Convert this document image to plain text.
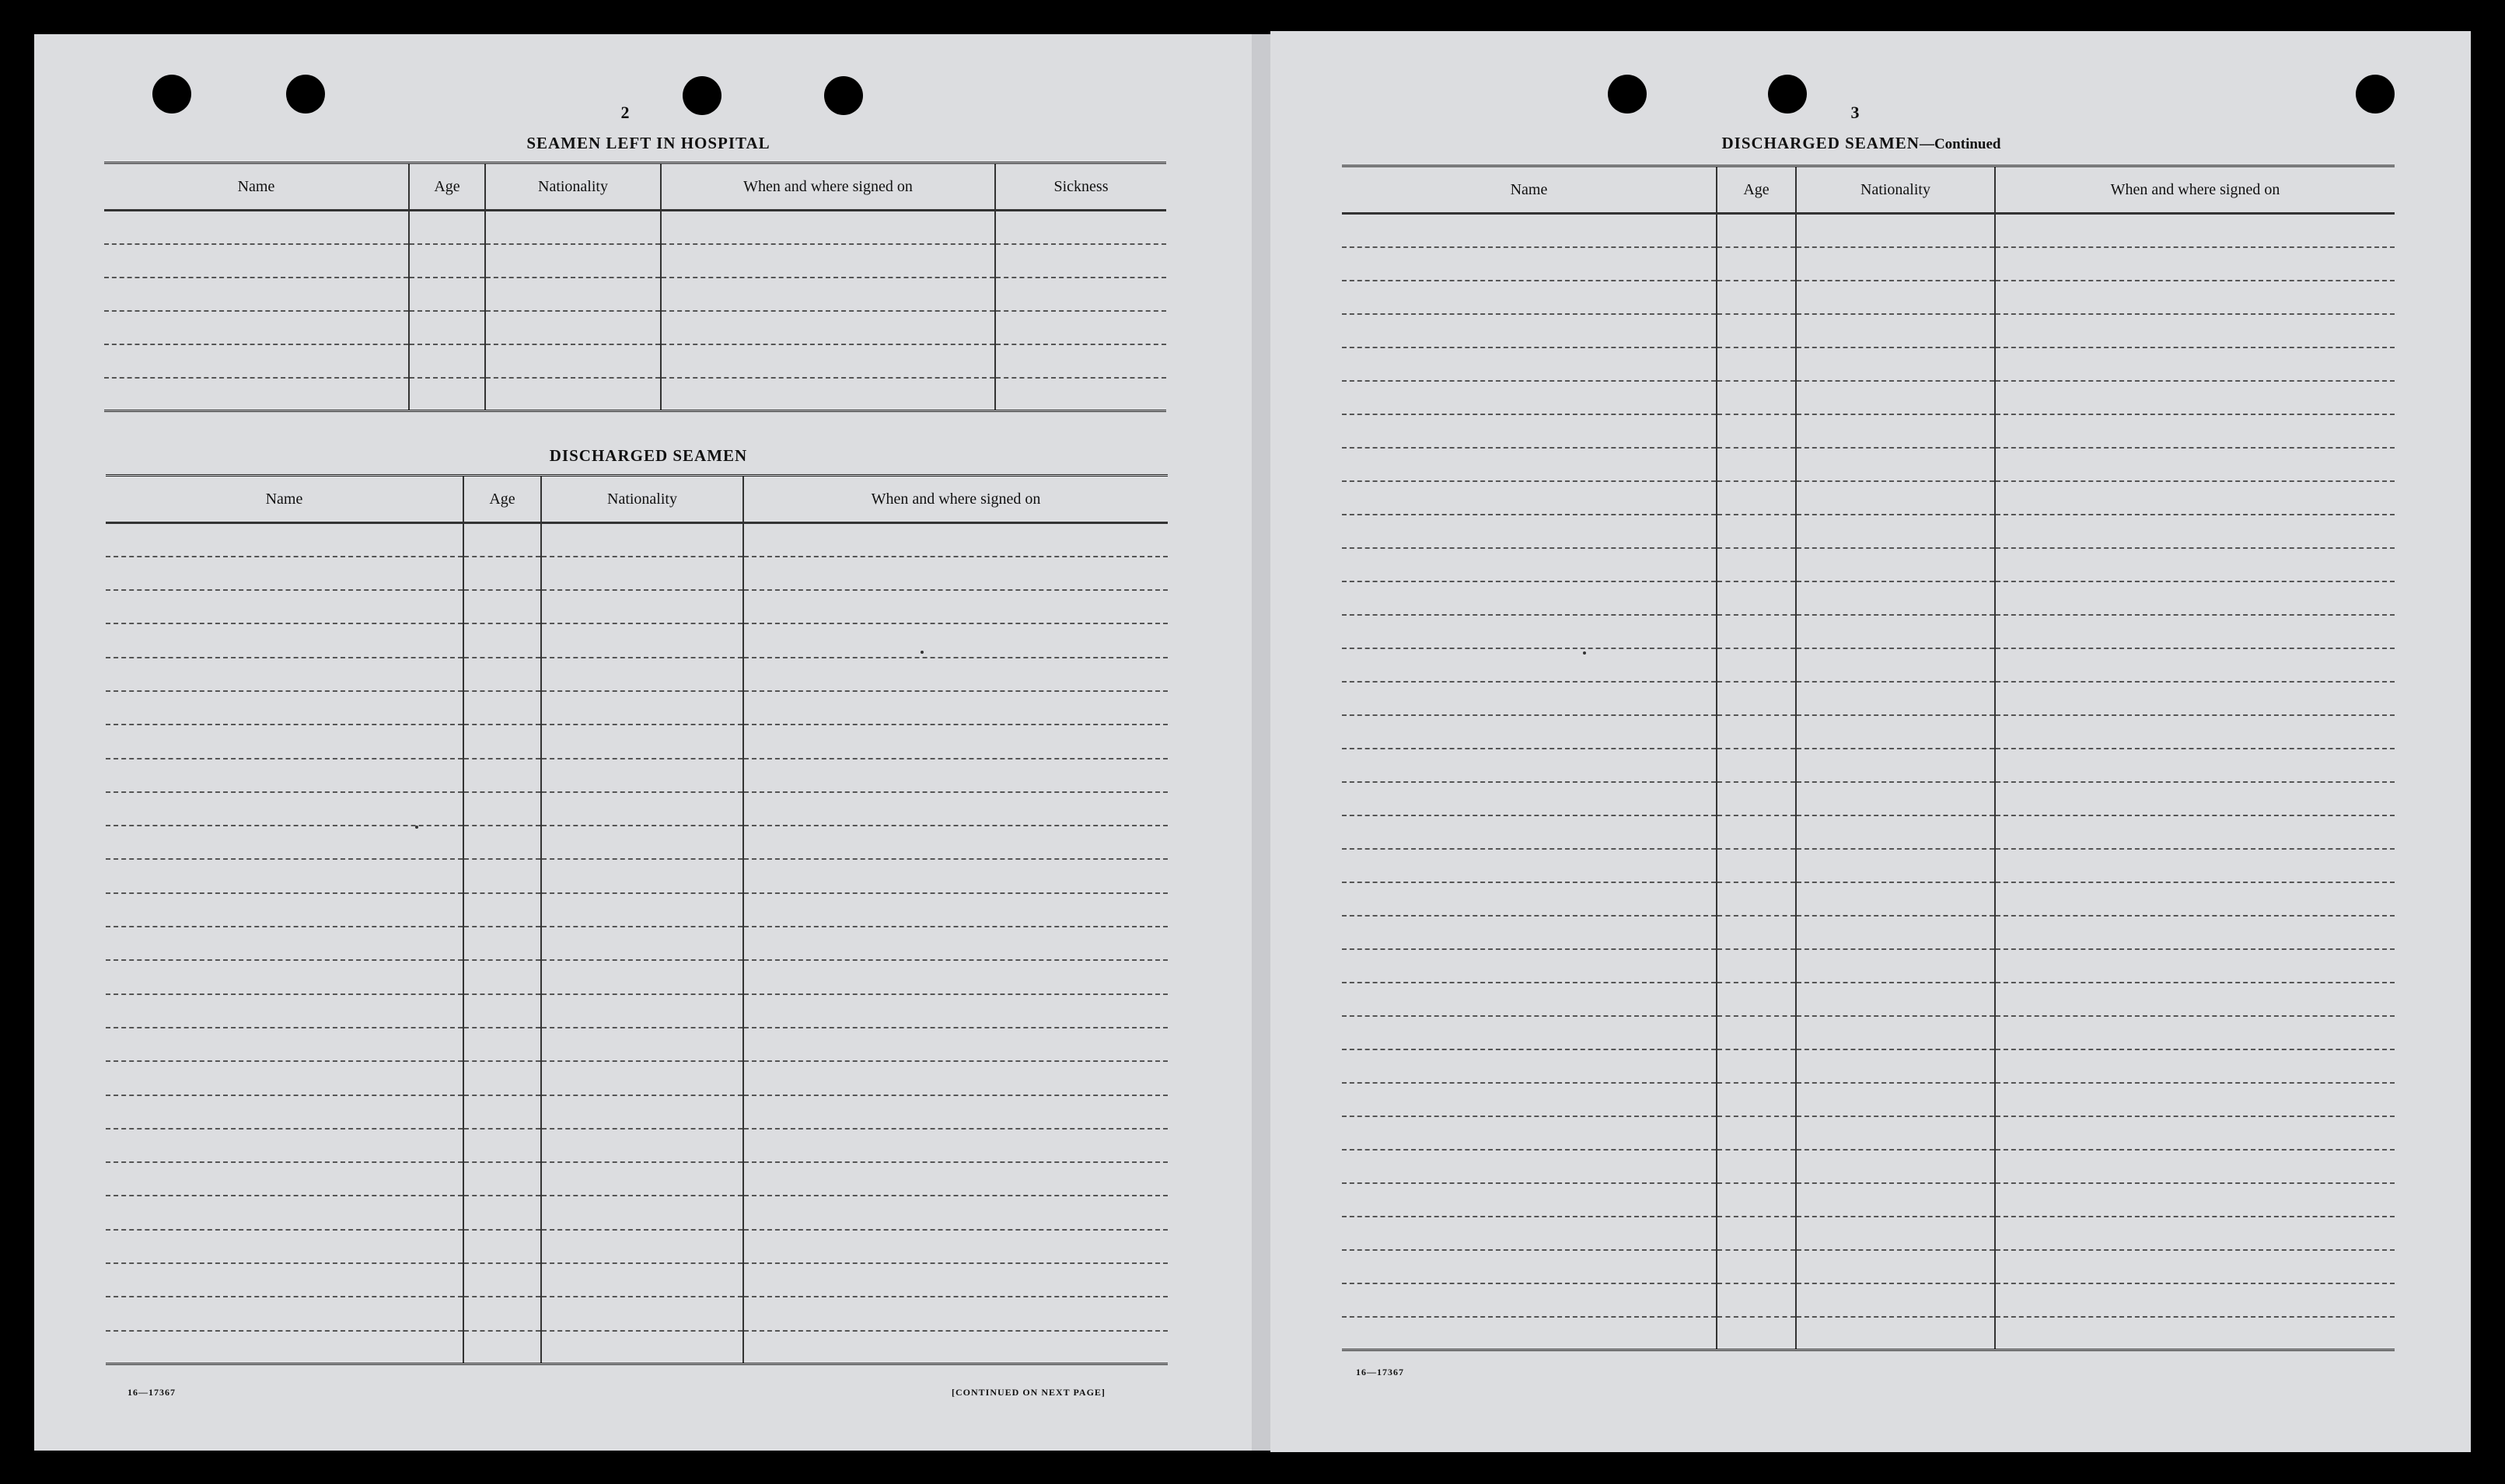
2
SEAMEN LEFT IN HOSPITAL
Name	Age	Nationality	When and where signed on	Sickness

DISCHARGED SEAMEN
Name	Age	Nationality	When and where signed on

16—17367	[CONTINUED ON NEXT PAGE]
3
DISCHARGED SEAMEN—Continued
Name	Age	Nationality	When and where signed on

16—17367
